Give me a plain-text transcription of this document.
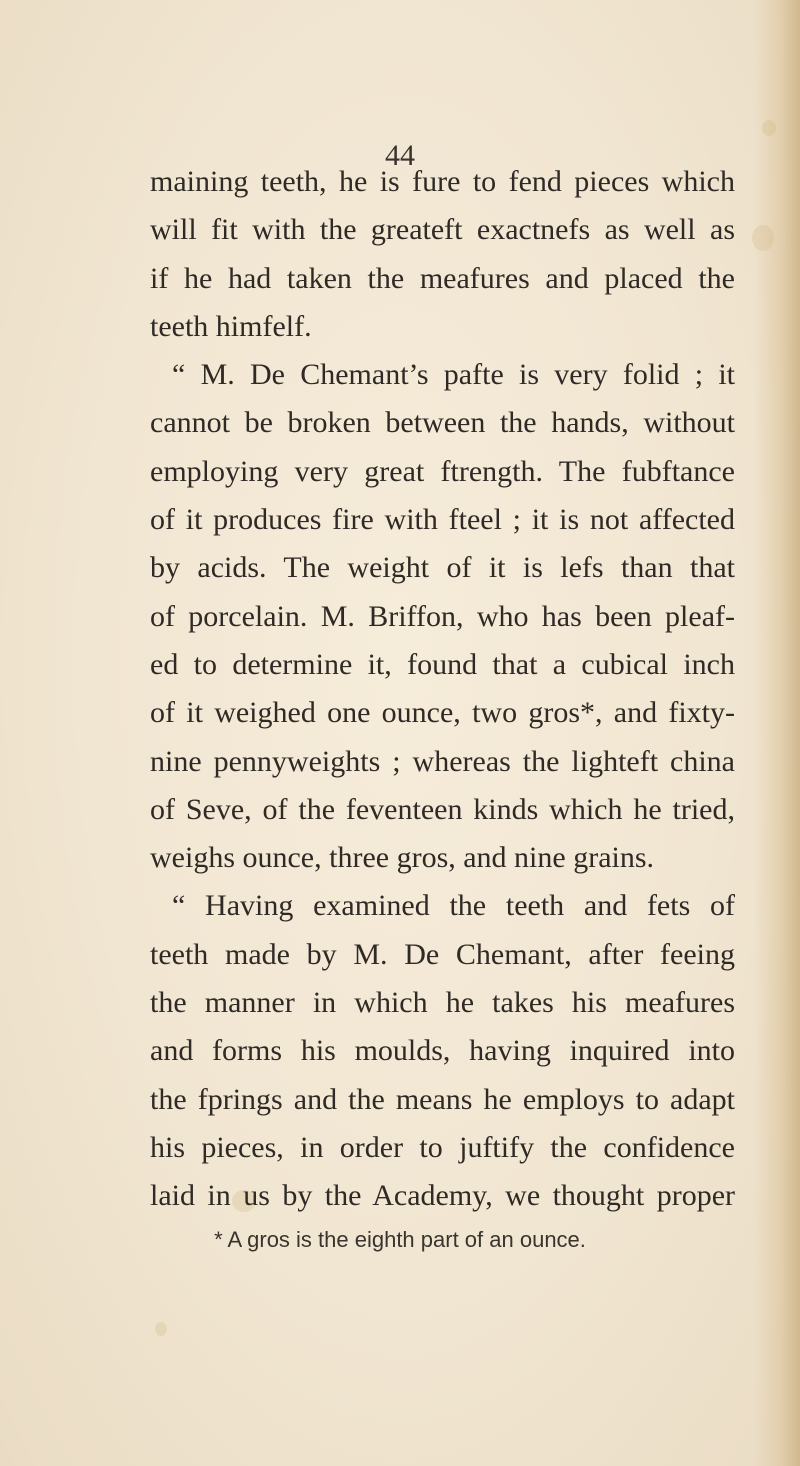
44
maining teeth, he is fure to fend pieces which
will fit with the greateft exactnefs as well as
if he had taken the meafures and placed the
teeth himfelf.
“ M. De Chemant’s pafte is very folid ; it
cannot be broken between the hands, without
employing very great ftrength. The fubftance
of it produces fire with fteel ; it is not affected
by acids. The weight of it is lefs than that
of porcelain. M. Briffon, who has been pleaf-
ed to determine it, found that a cubical inch
of it weighed one ounce, two gros*, and fixty-
nine pennyweights ; whereas the lighteft china
of Seve, of the feventeen kinds which he tried,
weighs ounce, three gros, and nine grains.
“ Having examined the teeth and fets of
teeth made by M. De Chemant, after feeing
the manner in which he takes his meafures
and forms his moulds, having inquired into
the fprings and the means he employs to adapt
his pieces, in order to juftify the confidence
laid in us by the Academy, we thought proper
* A gros is the eighth part of an ounce.
